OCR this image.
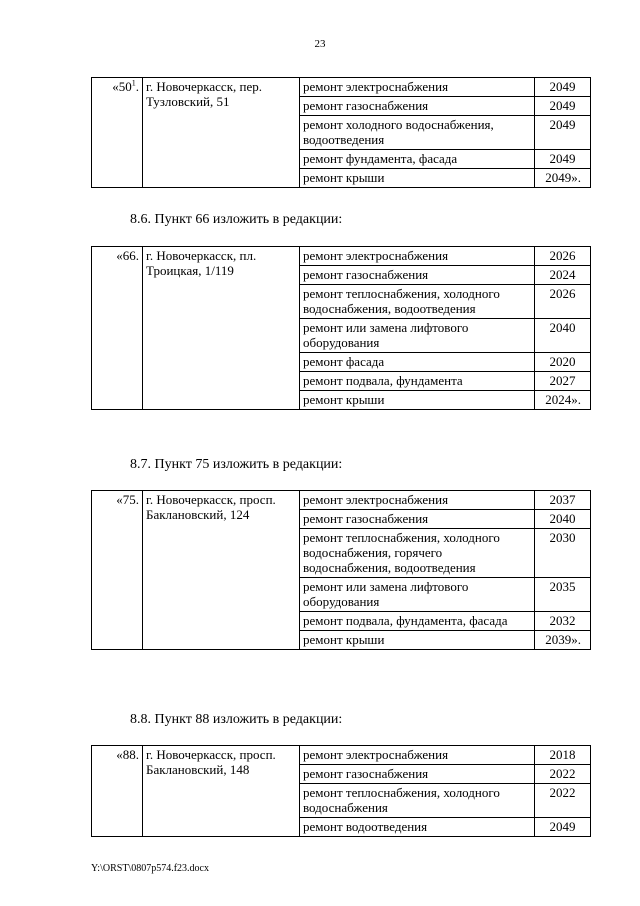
23
«$50^1$.	г. Новочеркасск, пер. Тузловский, 51	ремонт электроснабжения	2049
		ремонт газоснабжения	2049
		ремонт холодного водоснабжения, водоотведения	2049
		ремонт фундамента, фасада	2049
		ремонт крыши	2049».
8.6. Пункт 66 изложить в редакции:
«66.	г. Новочеркасск, пл. Троицкая, 1/119	ремонт электроснабжения	2026
		ремонт газоснабжения	2024
		ремонт теплоснабжения, холодного водоснабжения, водоотведения	2026
		ремонт или замена лифтового оборудования	2040
		ремонт фасада	2020
		ремонт подвала, фундамента	2027
		ремонт крыши	2024».
8.7. Пункт 75 изложить в редакции:
«75.	г. Новочеркасск, просп. Баклановский, 124	ремонт электроснабжения	2037
		ремонт газоснабжения	2040
		ремонт теплоснабжения, холодного водоснабжения, горячего водоснабжения, водоотведения	2030
		ремонт или замена лифтового оборудования	2035
		ремонт подвала, фундамента, фасада	2032
		ремонт крыши	2039».
8.8. Пункт 88 изложить в редакции:
«88.	г. Новочеркасск, просп. Баклановский, 148	ремонт электроснабжения	2018
		ремонт газоснабжения	2022
		ремонт теплоснабжения, холодного водоснабжения	2022
		ремонт водоотведения	2049
Y:\ORST\0807p574.f23.docx
